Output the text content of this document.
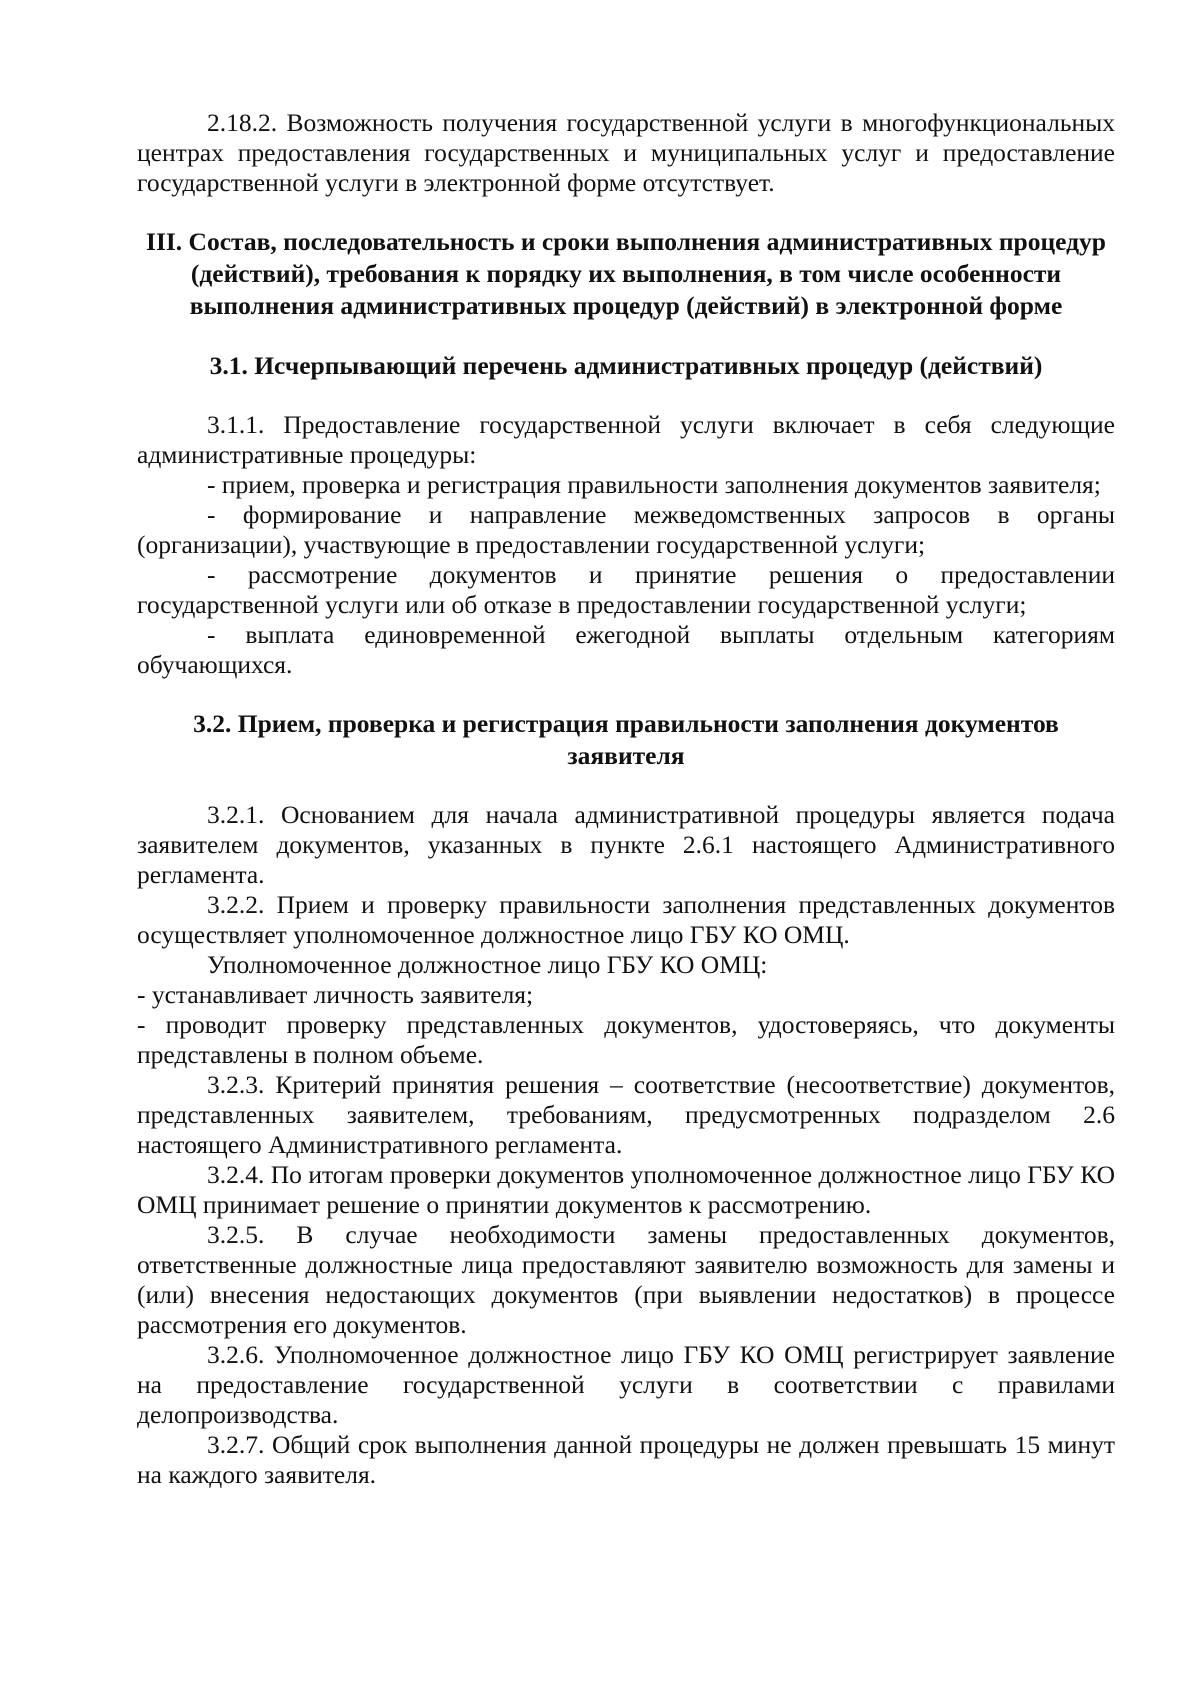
2.18.2. Возможность получения государственной услуги в многофункциональных центрах предоставления государственных и муниципальных услуг и предоставление государственной услуги в электронной форме отсутствует.

III. Состав, последовательность и сроки выполнения административных процедур (действий), требования к порядку их выполнения, в том числе особенности выполнения административных процедур (действий) в электронной форме
3.1. Исчерпывающий перечень административных процедур (действий)

3.1.1. Предоставление государственной услуги включает в себя следующие административные процедуры:

- прием, проверка и регистрация правильности заполнения документов заявителя;

- формирование и направление межведомственных запросов в органы (организации), участвующие в предоставлении государственной услуги;

- рассмотрение документов и принятие решения о предоставлении государственной услуги или об отказе в предоставлении государственной услуги;

- выплата единовременной ежегодной выплаты отдельным категориям обучающихся.

3.2. Прием, проверка и регистрация правильности заполнения документов заявителя

3.2.1. Основанием для начала административной процедуры является подача заявителем документов, указанных в пункте 2.6.1 настоящего Административного регламента.

3.2.2. Прием и проверку правильности заполнения представленных документов осуществляет уполномоченное должностное лицо ГБУ КО ОМЦ.

Уполномоченное должностное лицо ГБУ КО ОМЦ:

- устанавливает личность заявителя;

- проводит проверку представленных документов, удостоверяясь, что документы представлены в полном объеме.

3.2.3. Критерий принятия решения – соответствие (несоответствие) документов, представленных заявителем, требованиям, предусмотренных подразделом 2.6 настоящего Административного регламента.

3.2.4. По итогам проверки документов уполномоченное должностное лицо ГБУ КО ОМЦ принимает решение о принятии документов к рассмотрению.

3.2.5. В случае необходимости замены предоставленных документов, ответственные должностные лица предоставляют заявителю возможность для замены и (или) внесения недостающих документов (при выявлении недостатков) в процессе рассмотрения его документов.

3.2.6. Уполномоченное должностное лицо ГБУ КО ОМЦ регистрирует заявление на предоставление государственной услуги в соответствии с правилами делопроизводства.

3.2.7. Общий срок выполнения данной процедуры не должен превышать 15 минут на каждого заявителя.
